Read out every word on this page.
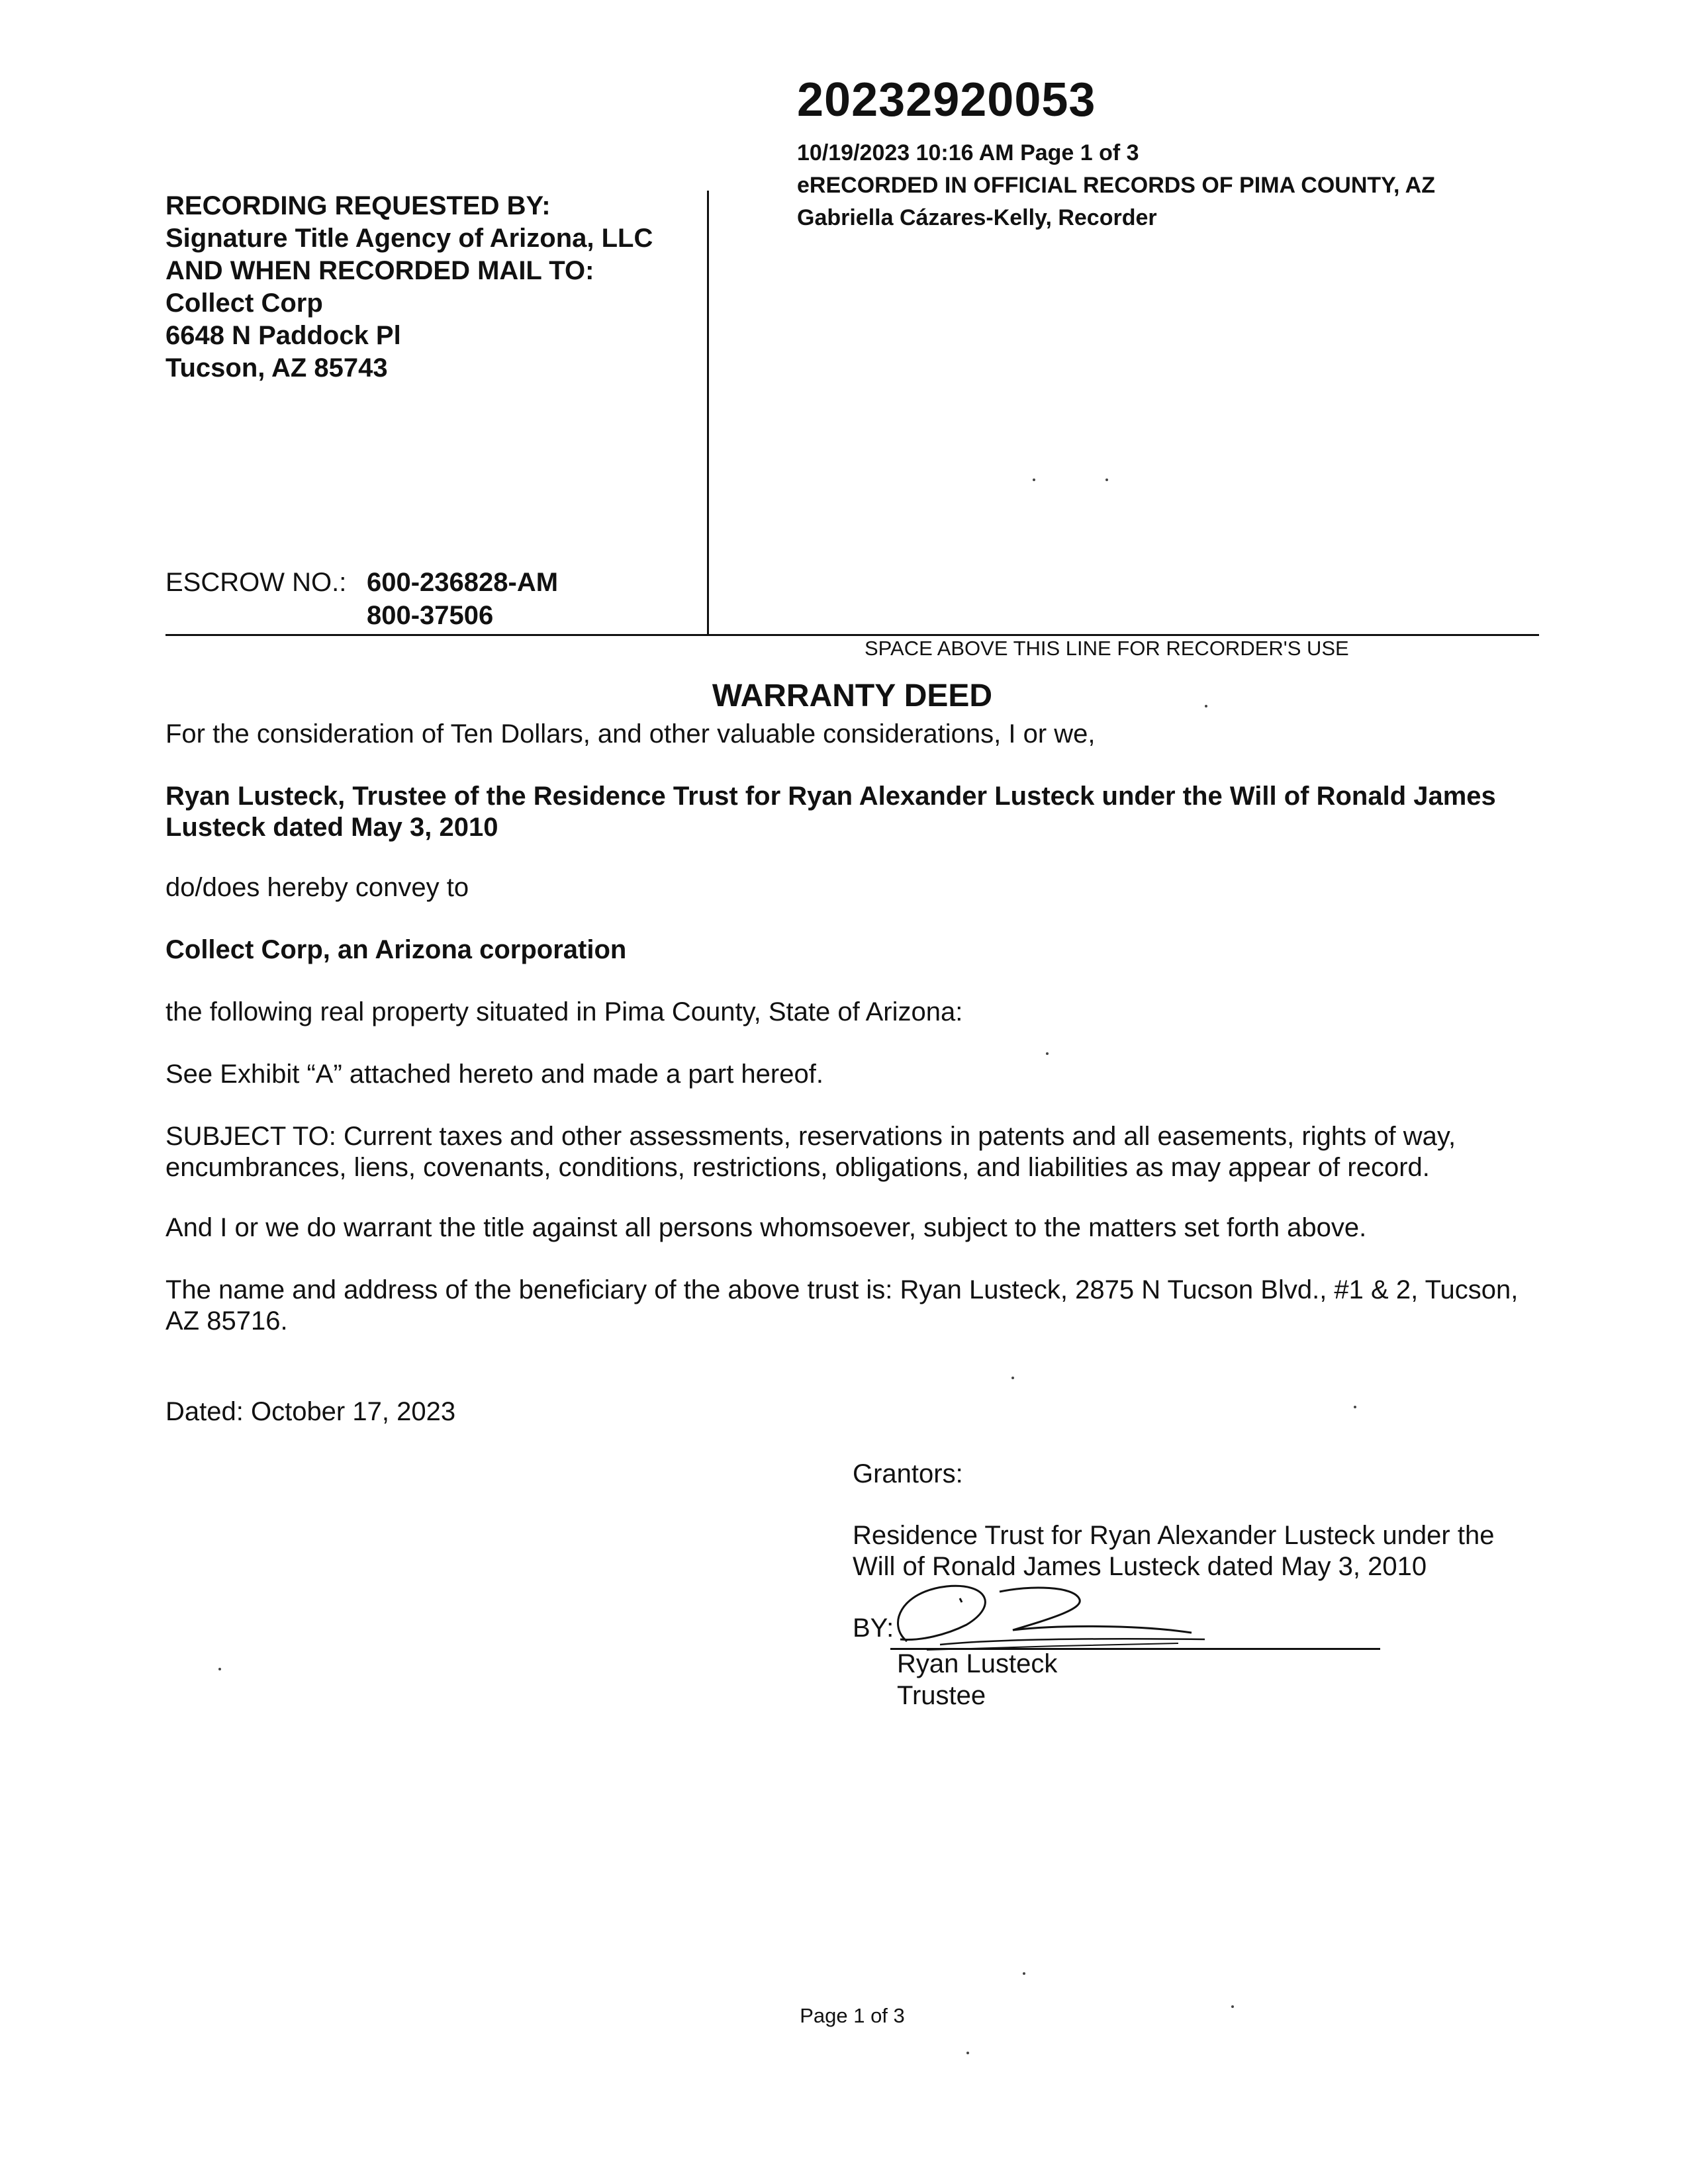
20232920053
10/19/2023 10:16 AM Page 1 of 3
eRECORDED IN OFFICIAL RECORDS OF PIMA COUNTY, AZ
Gabriella Cázares-Kelly, Recorder
RECORDING REQUESTED BY:
Signature Title Agency of Arizona, LLC
AND WHEN RECORDED MAIL TO:
Collect Corp
6648 N Paddock Pl
Tucson, AZ 85743
ESCROW NO.: 600-236828-AM
800-37506
SPACE ABOVE THIS LINE FOR RECORDER'S USE
WARRANTY DEED
For the consideration of Ten Dollars, and other valuable considerations, I or we,
Ryan Lusteck, Trustee of the Residence Trust for Ryan Alexander Lusteck under the Will of Ronald James Lusteck dated May 3, 2010
do/does hereby convey to
Collect Corp, an Arizona corporation
the following real property situated in Pima County, State of Arizona:
See Exhibit “A” attached hereto and made a part hereof.
SUBJECT TO: Current taxes and other assessments, reservations in patents and all easements, rights of way, encumbrances, liens, covenants, conditions, restrictions, obligations, and liabilities as may appear of record.
And I or we do warrant the title against all persons whomsoever, subject to the matters set forth above.
The name and address of the beneficiary of the above trust is: Ryan Lusteck, 2875 N Tucson Blvd., #1 & 2, Tucson, AZ 85716.
Dated: October 17, 2023
Grantors:
Residence Trust for Ryan Alexander Lusteck under the
Will of Ronald James Lusteck dated May 3, 2010
BY:
Ryan Lusteck
Trustee
Page 1 of 3
